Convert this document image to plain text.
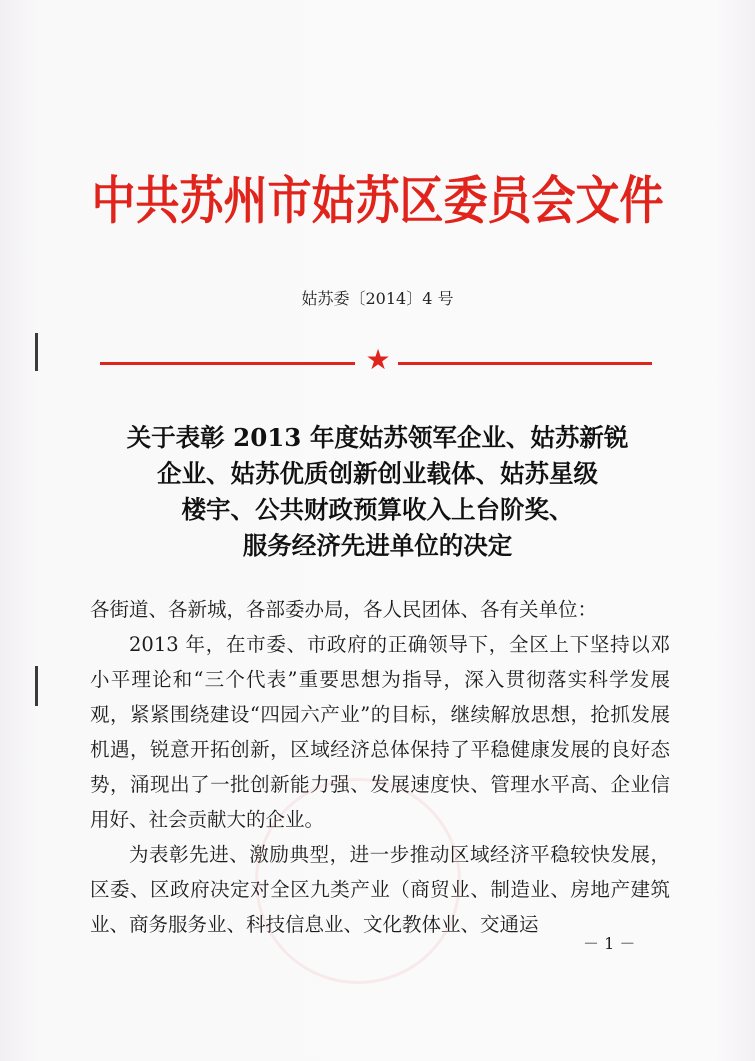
中共苏州市姑苏区委员会文件
姑苏委〔2014〕4 号
★
关于表彰 2013 年度姑苏领军企业、姑苏新锐
企业、姑苏优质创新创业载体、姑苏星级
楼宇、公共财政预算收入上台阶奖、
服务经济先进单位的决定

各街道、各新城，各部委办局，各人民团体、各有关单位：

2013 年，在市委、市政府的正确领导下，全区上下坚持以邓小平理论和“三个代表”重要思想为指导，深入贯彻落实科学发展观，紧紧围绕建设“四园六产业”的目标，继续解放思想，抢抓发展机遇，锐意开拓创新，区域经济总体保持了平稳健康发展的良好态势，涌现出了一批创新能力强、发展速度快、管理水平高、企业信用好、社会贡献大的企业。

为表彰先进、激励典型，进一步推动区域经济平稳较快发展，区委、区政府决定对全区九类产业（商贸业、制造业、房地产建筑业、商务服务业、科技信息业、文化教体业、交通运

－ 1 －
